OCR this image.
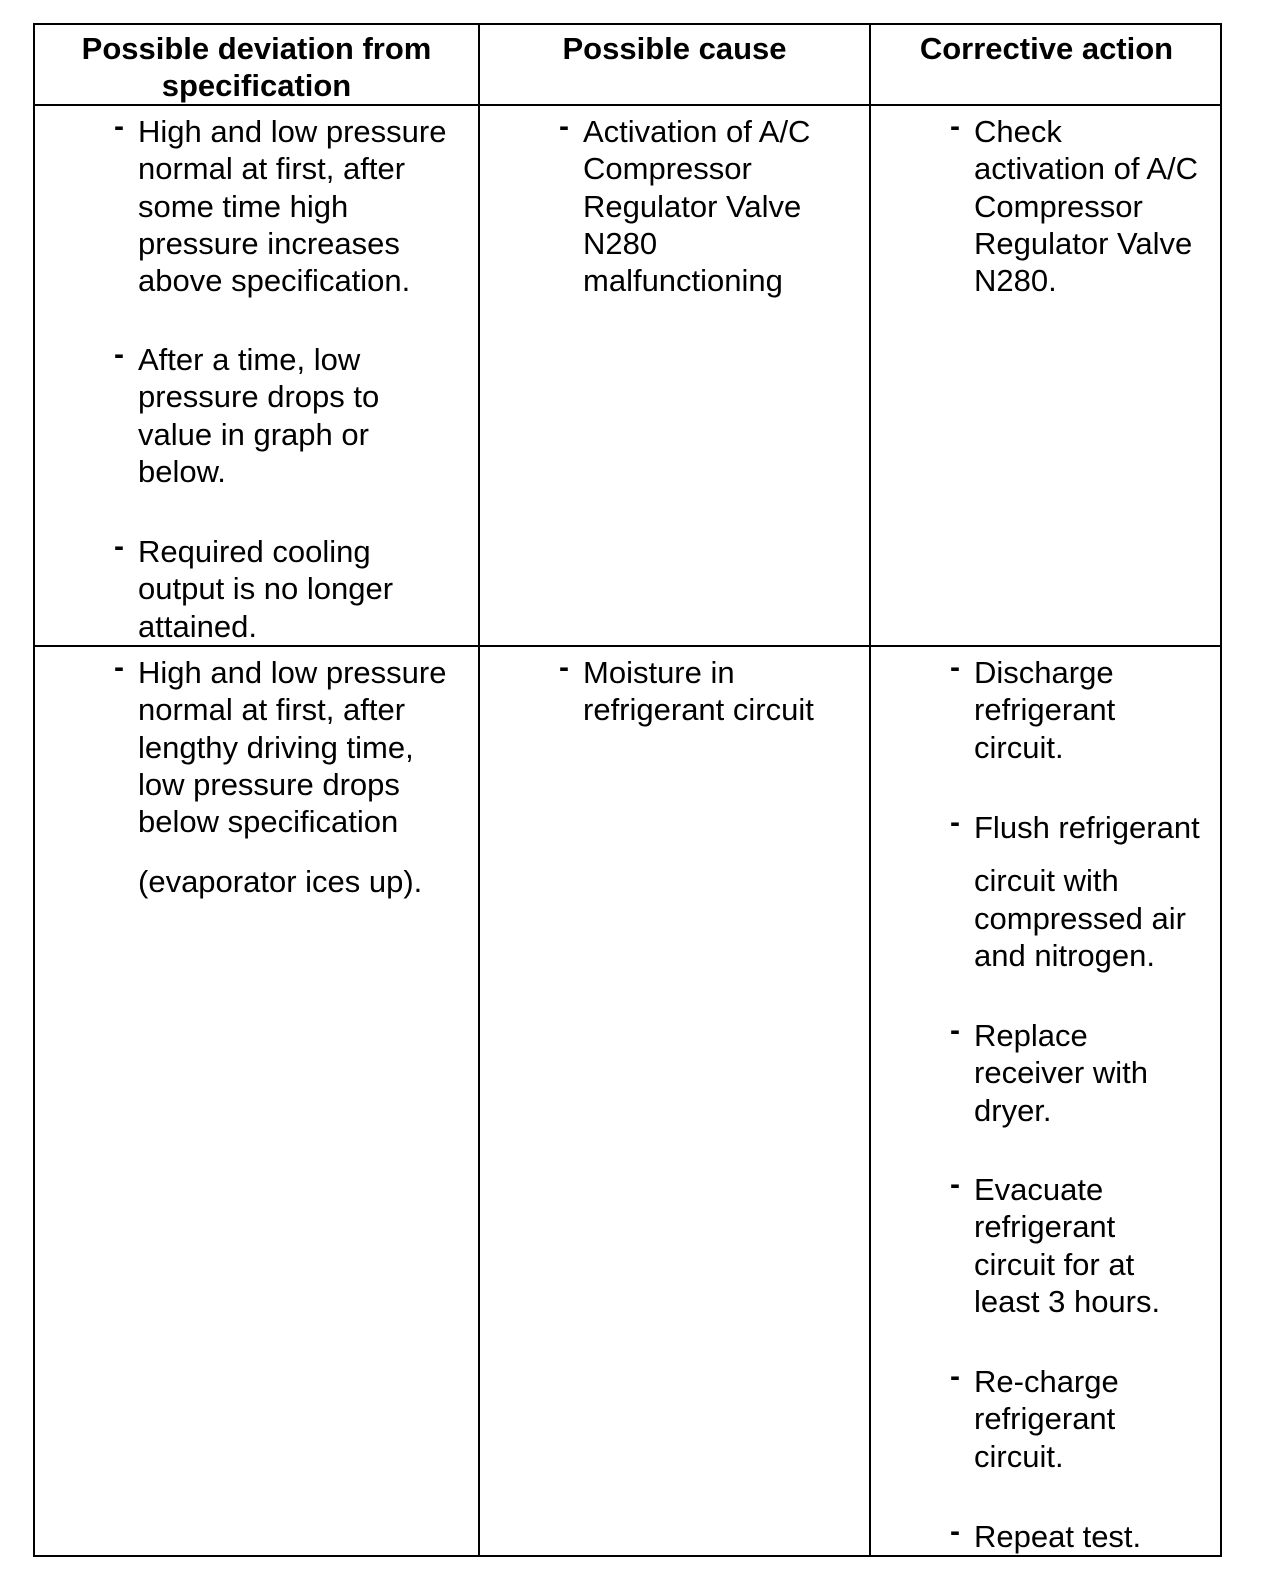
Possible deviation from
specification
Possible cause	Corrective action
- High and low pressure
normal at first, after
some time high
pressure increases
above specification.
- After a time, low
pressure drops to
value in graph or
below.
- Required cooling
output is no longer
attained.
- Activation of A/C
Compressor
Regulator Valve
N280
malfunctioning
- Check
activation of A/C
Compressor
Regulator Valve
N280.
- High and low pressure
normal at first, after
lengthy driving time,
low pressure drops
below specification
(evaporator ices up).
- Moisture in
refrigerant circuit
- Discharge
refrigerant
circuit.
- Flush refrigerant
circuit with
compressed air
and nitrogen.
- Replace
receiver with
dryer.
- Evacuate
refrigerant
circuit for at
least 3 hours.
- Re-charge
refrigerant
circuit.
- Repeat test.
